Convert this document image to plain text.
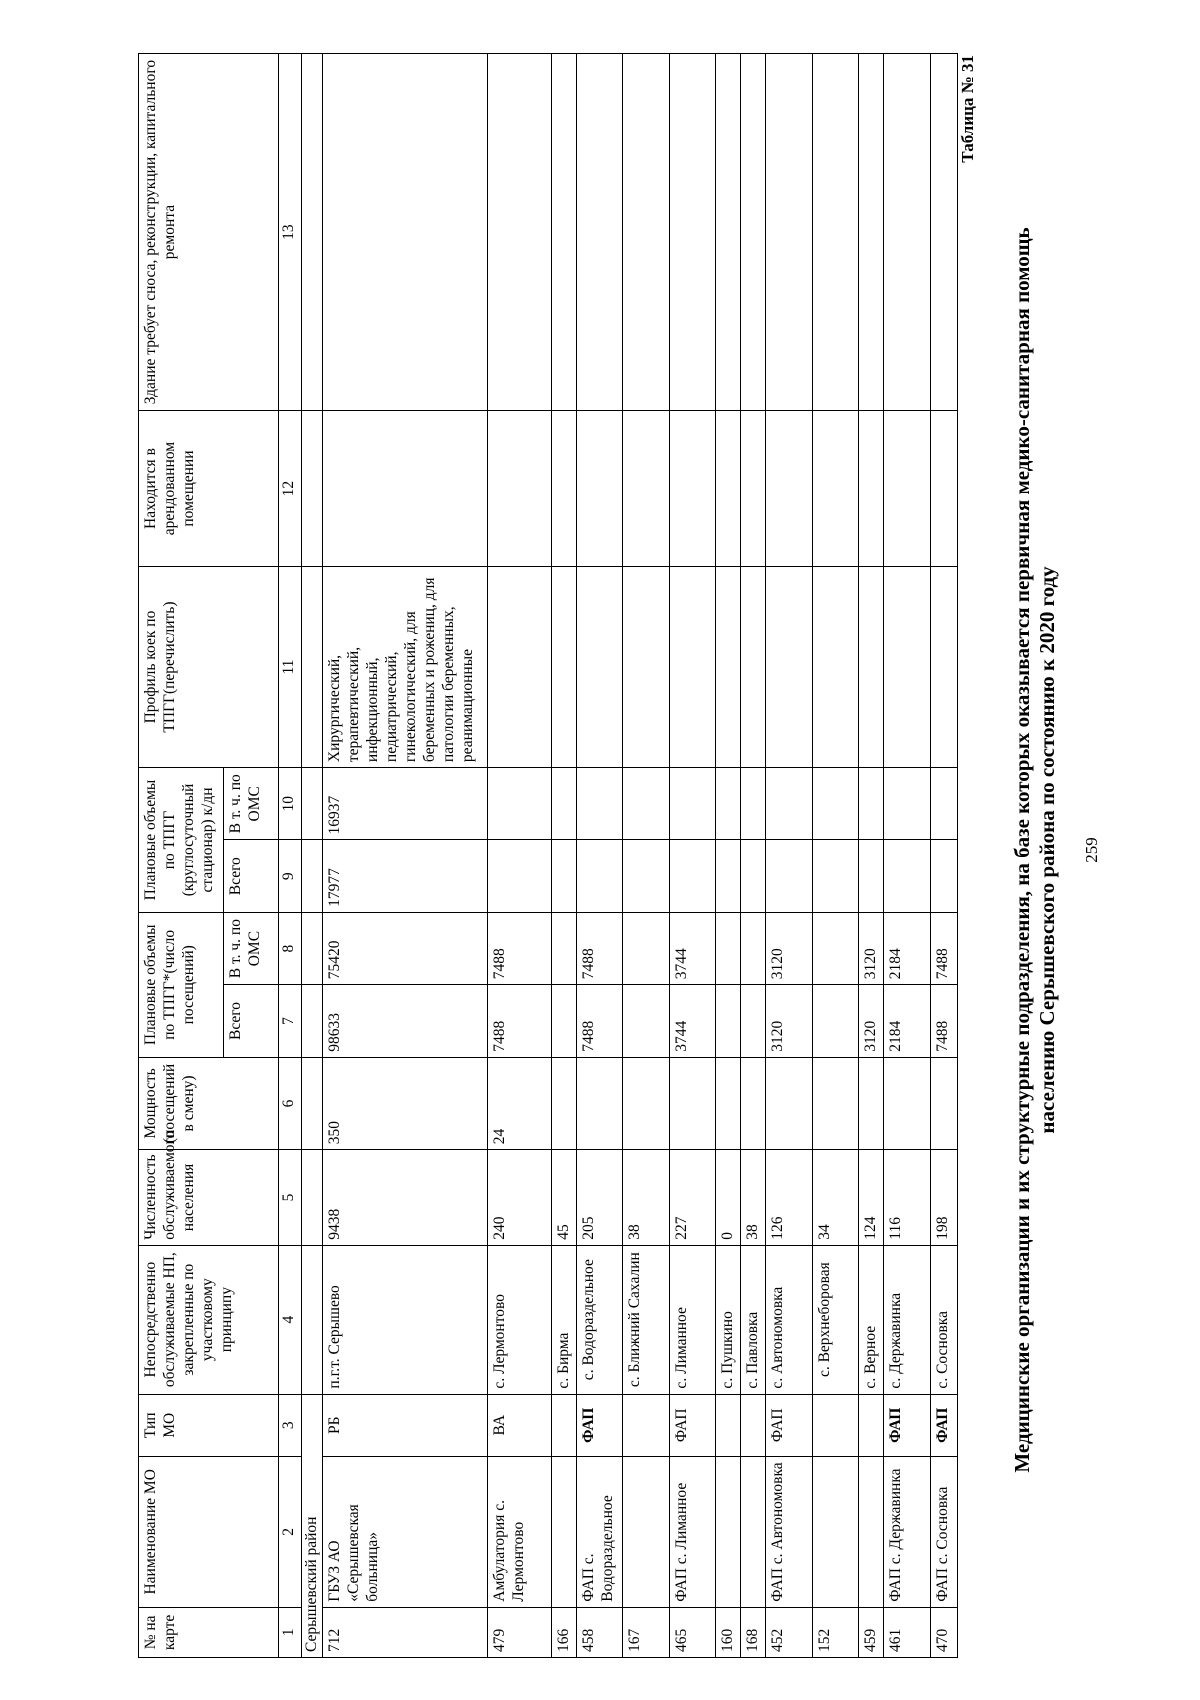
259
Медицинские организации и их структурные подразделения, на базе которых оказывается первичная медико-санитарная помощь населению Серышевского района по состоянию к 2020 году
Таблица № 31
№ на карте	Наименование МО	Тип МО	Непосредственно обслуживаемые НП, закрепленные по участковому принципу	Численность обслуживаемого населения	Мощность (посещений в смену)	Плановые объемы по ТПГГ*(число посещений)		Плановые объемы по ТПГГ (круглосуточный стационар) к/дн		Профиль коек по ТПГГ(перечислить)	Находится в арендованном помещении	Здание требует сноса, реконструкции, капитального ремонта
						Всего	В т. ч. по ОМС	Всего	В т. ч. по ОМС			
1	2	3	4	5	6	7	8	9	10	11	12	13
Серышевский район												
712	ГБУЗ АО «Серышевская больница»	РБ	п.г.т. Серышево	9438	350	98633	75420	17977	16937	Хирургический, терапевтический, инфекционный, педиатрический, гинекологический, для беременных и рожениц, для патологии беременных, реанимационные		
479	Амбулатория с. Лермонтово	ВА	с. Лермонтово	240	24	7488	7488					
166			с. Бирма	45								
458	ФАП с. Водораздельное	ФАП	с. Водораздельное	205		7488	7488					
167			с. Ближний Сахалин	38								
465	ФАП с. Лиманное	ФАП	с. Лиманное	227		3744	3744					
160			с. Пушкино	0								
168			с. Павловка	38								
452	ФАП с. Автономовка	ФАП	с. Автономовка	126		3120	3120					
152			с. Верхнеборовая	34								
459			с. Верное	124		3120	3120					
461	ФАП с. Державинка	ФАП	с. Державинка	116		2184	2184					
470	ФАП с. Сосновка	ФАП	с. Сосновка	198		7488	7488					
